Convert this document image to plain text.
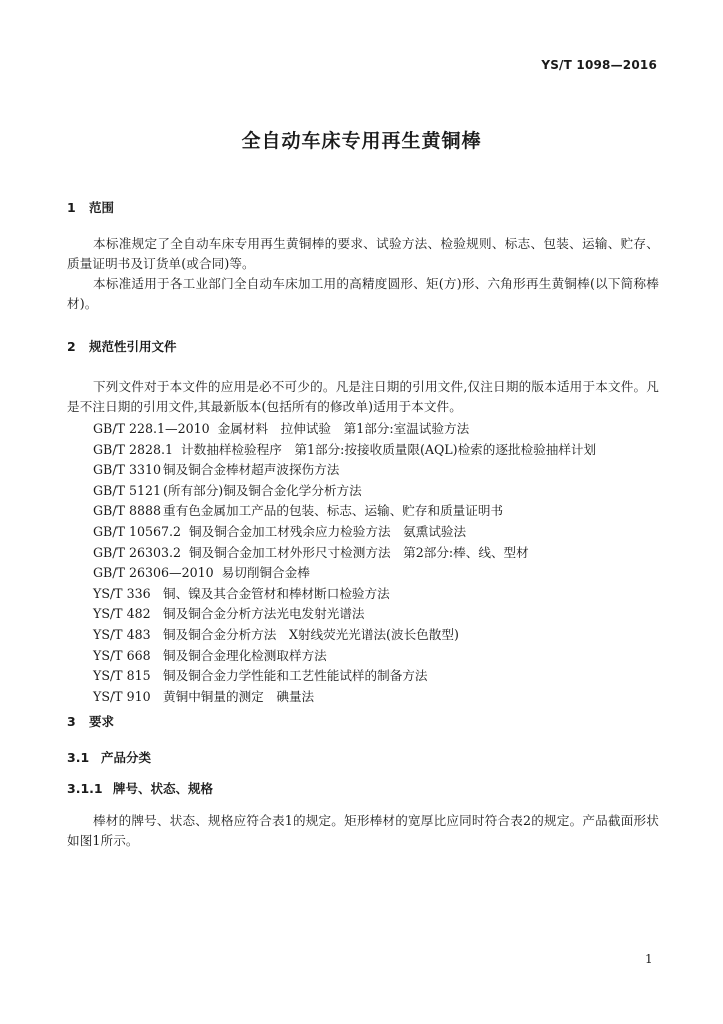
YS/T 1098—2016
全自动车床专用再生黄铜棒
1 范围
本标准规定了全自动车床专用再生黄铜棒的要求、试验方法、检验规则、标志、包装、运输、贮存、质量证明书及订货单(或合同)等。
本标准适用于各工业部门全自动车床加工用的高精度圆形、矩(方)形、六角形再生黄铜棒(以下简称棒材)。
2 规范性引用文件
下列文件对于本文件的应用是必不可少的。凡是注日期的引用文件,仅注日期的版本适用于本文件。凡是不注日期的引用文件,其最新版本(包括所有的修改单)适用于本文件。
GB/T 228.1—2010 金属材料　拉伸试验　第1部分:室温试验方法
GB/T 2828.1 计数抽样检验程序　第1部分:按接收质量限(AQL)检索的逐批检验抽样计划
GB/T 3310 铜及铜合金棒材超声波探伤方法
GB/T 5121 (所有部分)铜及铜合金化学分析方法
GB/T 8888 重有色金属加工产品的包装、标志、运输、贮存和质量证明书
GB/T 10567.2 铜及铜合金加工材残余应力检验方法　氨熏试验法
GB/T 26303.2 铜及铜合金加工材外形尺寸检测方法　第2部分:棒、线、型材
GB/T 26306—2010 易切削铜合金棒
YS/T 336 铜、镍及其合金管材和棒材断口检验方法
YS/T 482 铜及铜合金分析方法光电发射光谱法
YS/T 483 铜及铜合金分析方法　X射线荧光光谱法(波长色散型)
YS/T 668 铜及铜合金理化检测取样方法
YS/T 815 铜及铜合金力学性能和工艺性能试样的制备方法
YS/T 910 黄铜中铜量的测定　碘量法
3 要求
3.1 产品分类
3.1.1 牌号、状态、规格
棒材的牌号、状态、规格应符合表1的规定。矩形棒材的宽厚比应同时符合表2的规定。产品截面形状如图1所示。
1
